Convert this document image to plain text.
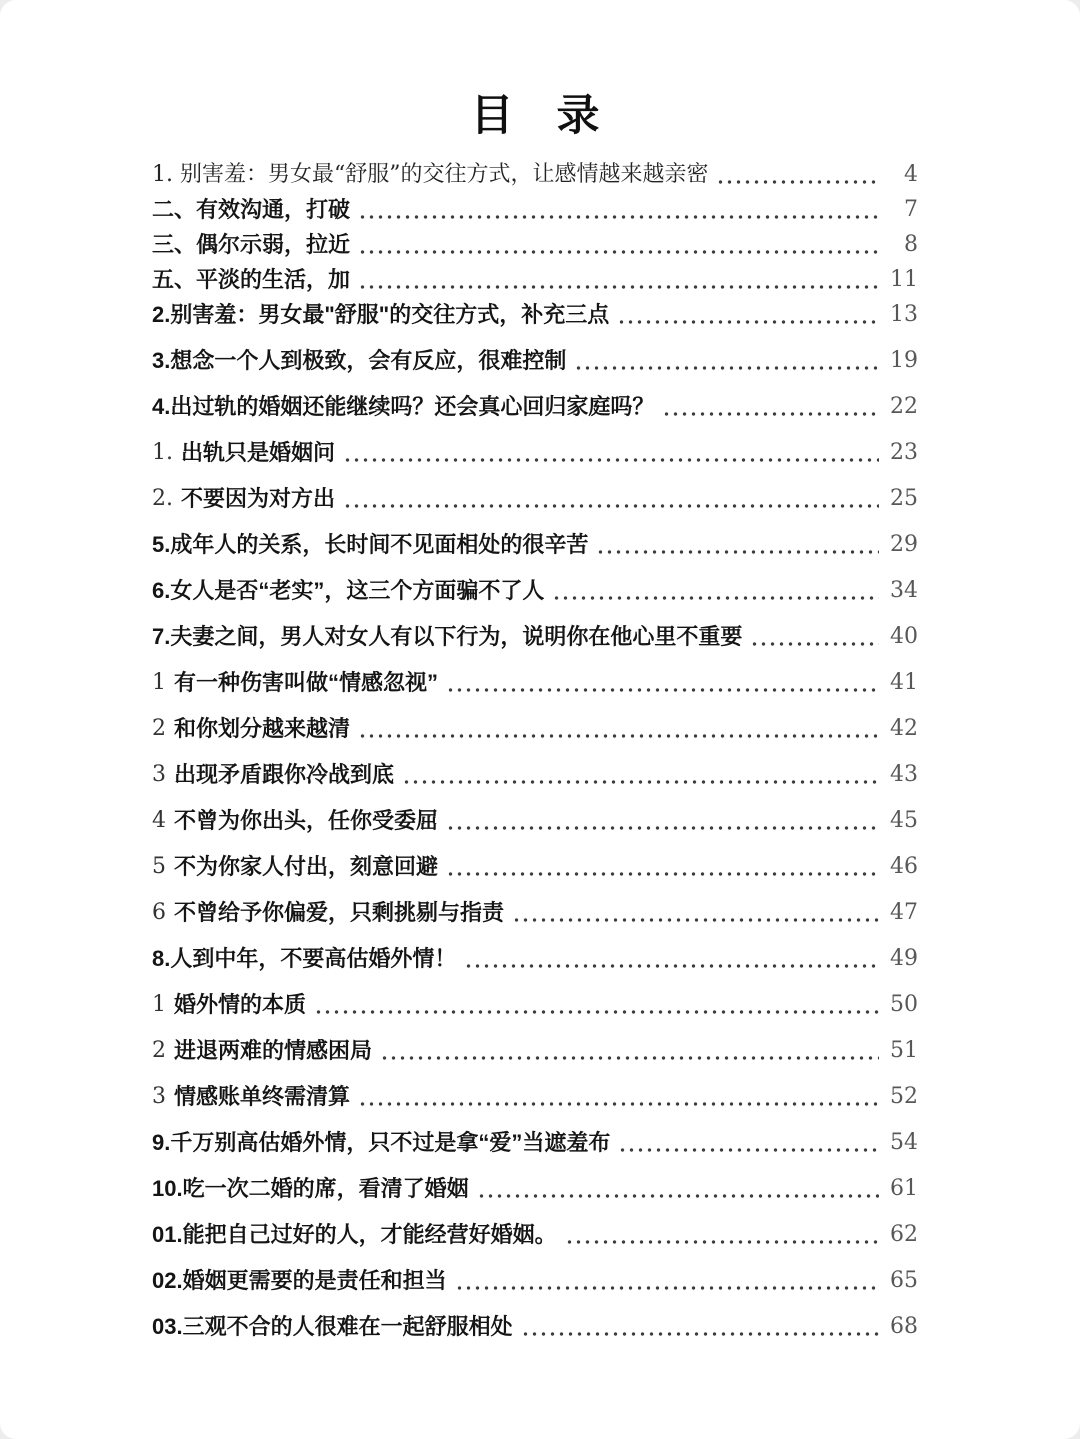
目　录
1. 别害羞：男女最“舒服”的交往方式，让感情越来越亲密	4
二、有效沟通，打破	7
三、偶尔示弱，拉近	8
五、平淡的生活，加	11
2.别害羞：男女最"舒服"的交往方式，补充三点	13
3.想念一个人到极致，会有反应，很难控制	19
4.出过轨的婚姻还能继续吗？还会真心回归家庭吗？	22
1. 出轨只是婚姻问	23
2. 不要因为对方出	25
5.成年人的关系，长时间不见面相处的很辛苦	29
6.女人是否“老实”，这三个方面骗不了人	34
7.夫妻之间，男人对女人有以下行为，说明你在他心里不重要	40
1 有一种伤害叫做“情感忽视”	41
2 和你划分越来越清	42
3 出现矛盾跟你冷战到底	43
4 不曾为你出头，任你受委屈	45
5 不为你家人付出，刻意回避	46
6 不曾给予你偏爱，只剩挑剔与指责	47
8.人到中年，不要高估婚外情！	49
1 婚外情的本质	50
2 进退两难的情感困局	51
3 情感账单终需清算	52
9.千万别高估婚外情，只不过是拿“爱”当遮羞布	54
10.吃一次二婚的席，看清了婚姻	61
01.能把自己过好的人，才能经营好婚姻。	62
02.婚姻更需要的是责任和担当	65
03.三观不合的人很难在一起舒服相处	68
